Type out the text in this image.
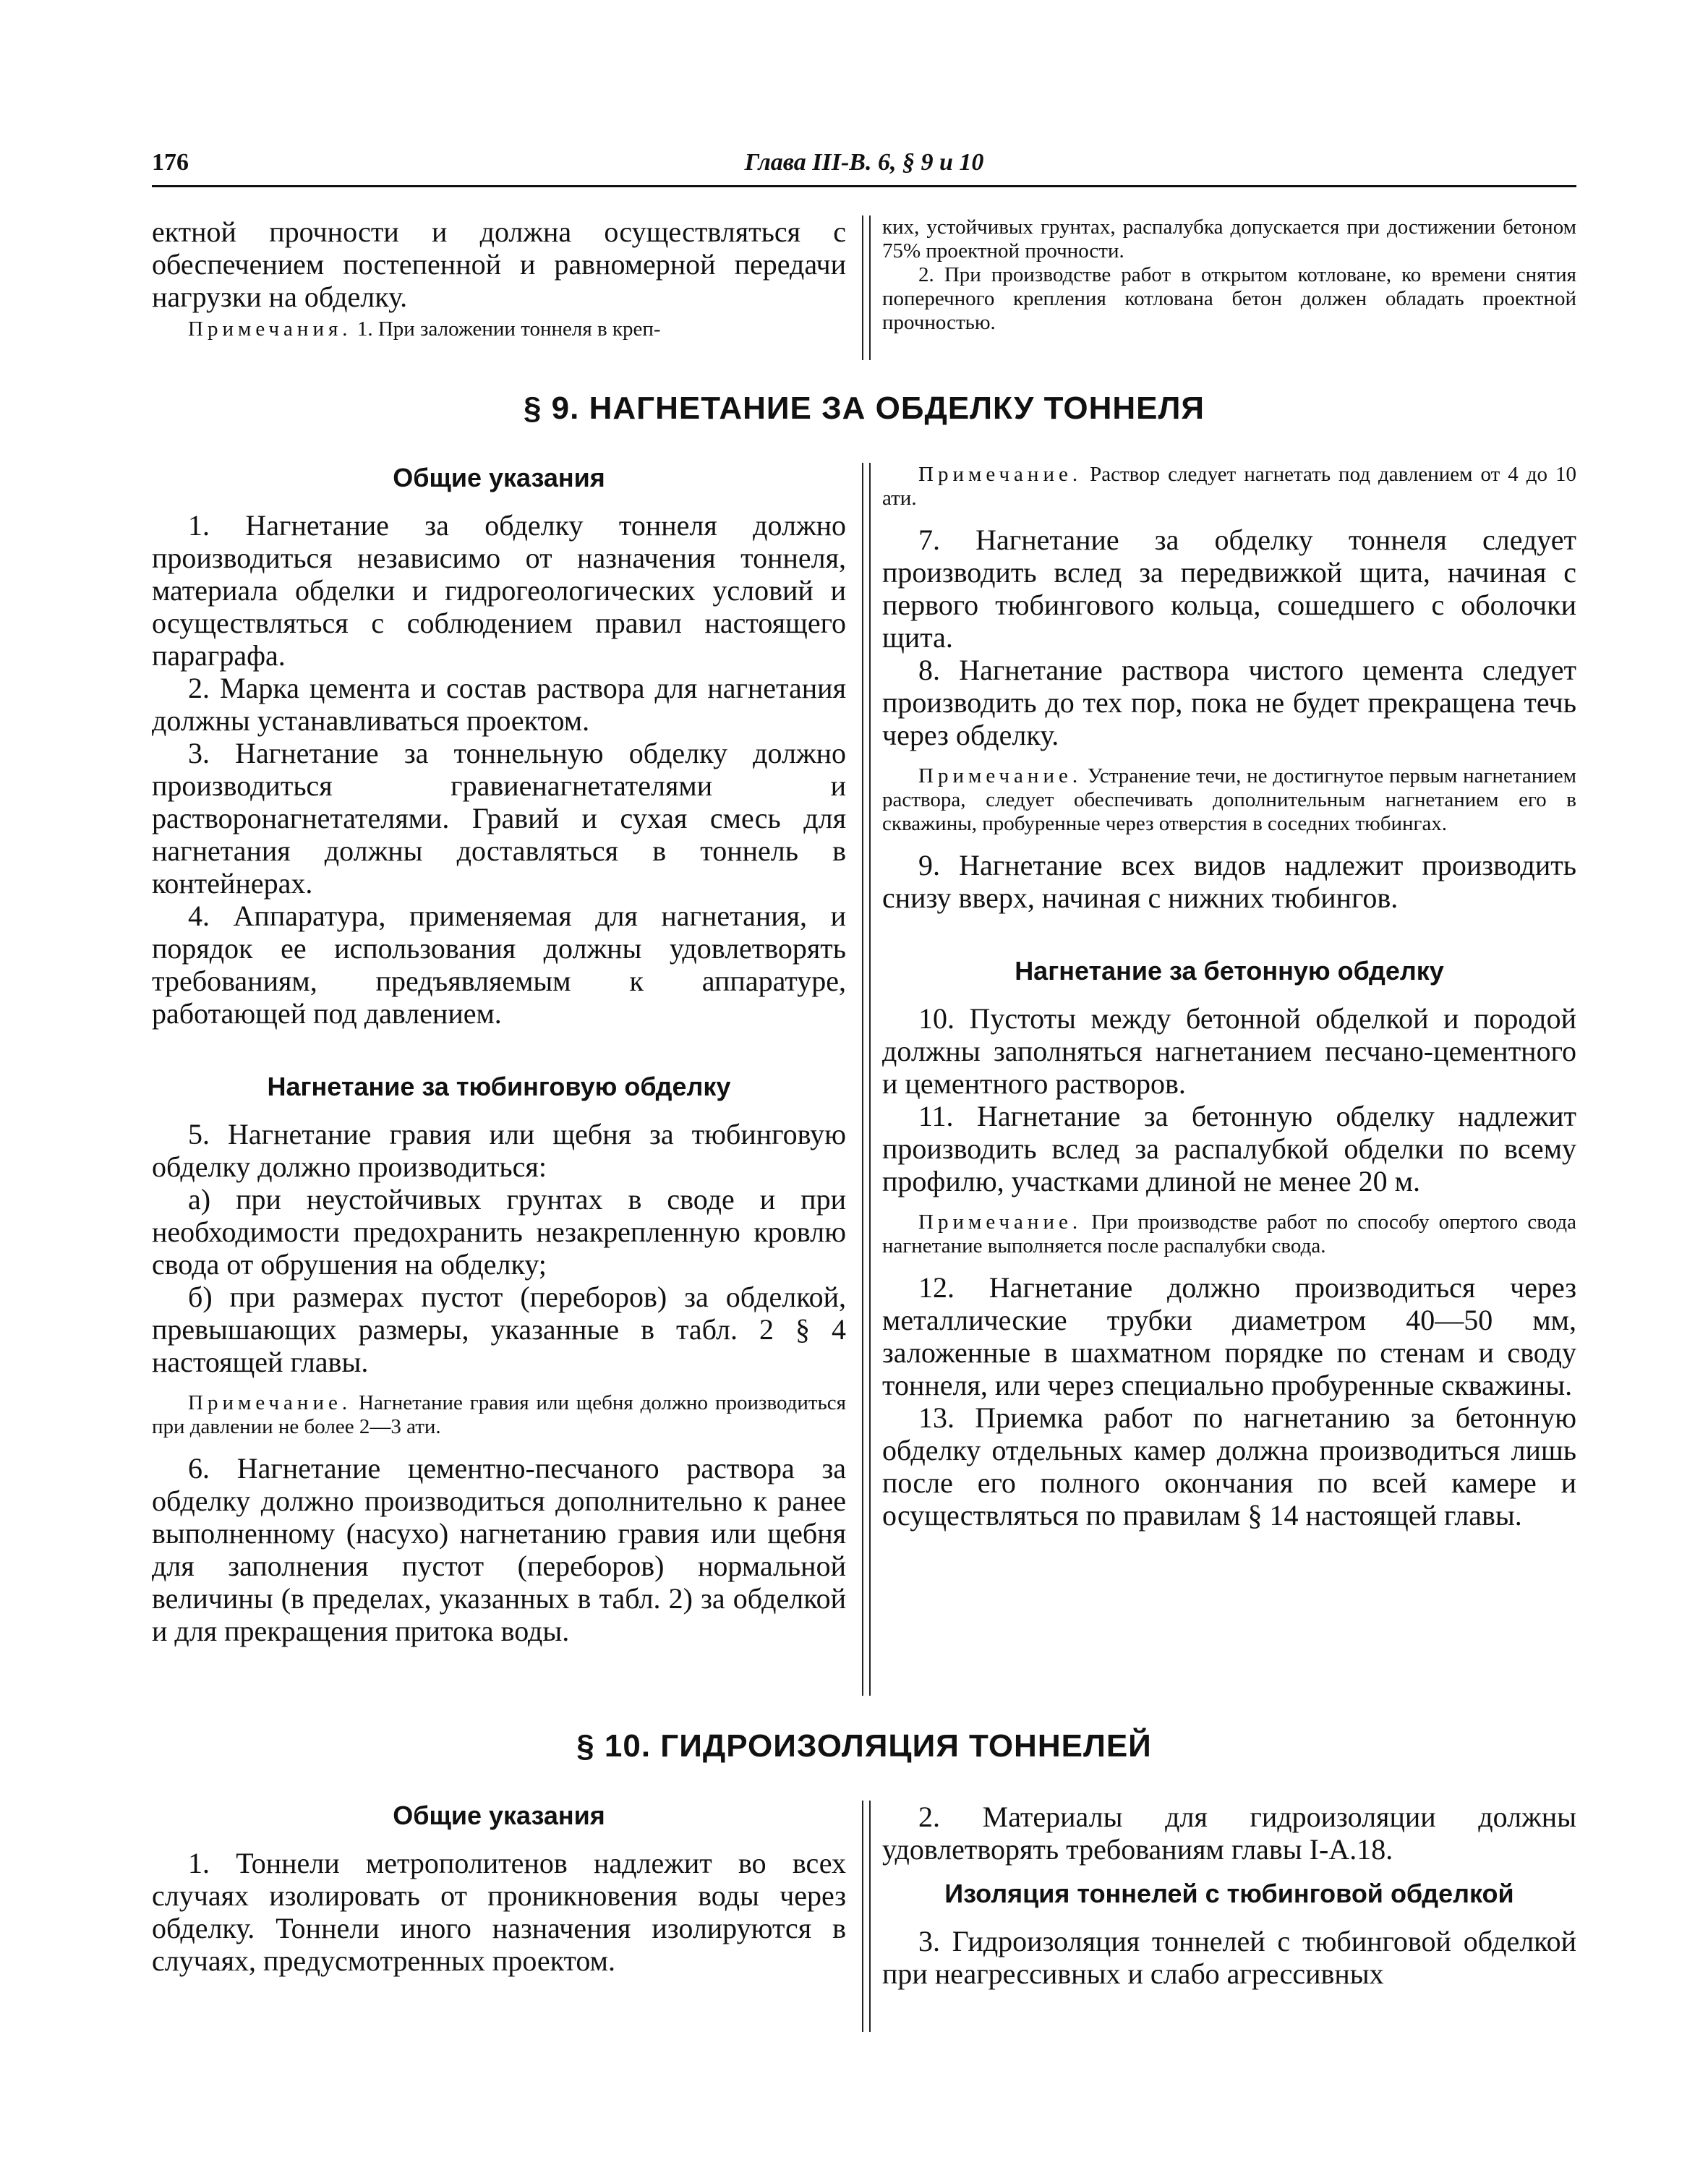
176	Глава III-В. 6, § 9 и 10

ектной прочности и должна осуществляться с обеспечением постепенной и равномерной передачи нагрузки на обделку.

Примечания. 1. При заложении тоннеля в креп-

ких, устойчивых грунтах, распалубка допускается при достижении бетоном 75% проектной прочности.

2. При производстве работ в открытом котловане, ко времени снятия поперечного крепления котлована бетон должен обладать проектной прочностью.

§ 9. НАГНЕТАНИЕ ЗА ОБДЕЛКУ ТОННЕЛЯ
Общие указания

1. Нагнетание за обделку тоннеля должно производиться независимо от назначения тоннеля, материала обделки и гидрогеологических условий и осуществляться с соблюдением правил настоящего параграфа.

2. Марка цемента и состав раствора для нагнетания должны устанавливаться проектом.

3. Нагнетание за тоннельную обделку должно производиться гравиенагнетателями и растворонагнетателями. Гравий и сухая смесь для нагнетания должны доставляться в тоннель в контейнерах.

4. Аппаратура, применяемая для нагнетания, и порядок ее использования должны удовлетворять требованиям, предъявляемым к аппаратуре, работающей под давлением.

Нагнетание за тюбинговую обделку

5. Нагнетание гравия или щебня за тюбинговую обделку должно производиться:

а) при неустойчивых грунтах в своде и при необходимости предохранить незакрепленную кровлю свода от обрушения на обделку;

б) при размерах пустот (переборов) за обделкой, превышающих размеры, указанные в табл. 2 § 4 настоящей главы.

Примечание. Нагнетание гравия или щебня должно производиться при давлении не более 2—3 ати.

6. Нагнетание цементно-песчаного раствора за обделку должно производиться дополнительно к ранее выполненному (насухо) нагнетанию гравия или щебня для заполнения пустот (переборов) нормальной величины (в пределах, указанных в табл. 2) за обделкой и для прекращения притока воды.

Примечание. Раствор следует нагнетать под давлением от 4 до 10 ати.

7. Нагнетание за обделку тоннеля следует производить вслед за передвижкой щита, начиная с первого тюбингового кольца, сошедшего с оболочки щита.

8. Нагнетание раствора чистого цемента следует производить до тех пор, пока не будет прекращена течь через обделку.

Примечание. Устранение течи, не достигнутое первым нагнетанием раствора, следует обеспечивать дополнительным нагнетанием его в скважины, пробуренные через отверстия в соседних тюбингах.

9. Нагнетание всех видов надлежит производить снизу вверх, начиная с нижних тюбингов.

Нагнетание за бетонную обделку

10. Пустоты между бетонной обделкой и породой должны заполняться нагнетанием песчано-цементного и цементного растворов.

11. Нагнетание за бетонную обделку надлежит производить вслед за распалубкой обделки по всему профилю, участками длиной не менее 20 м.

Примечание. При производстве работ по способу опертого свода нагнетание выполняется после распалубки свода.

12. Нагнетание должно производиться через металлические трубки диаметром 40—50 мм, заложенные в шахматном порядке по стенам и своду тоннеля, или через специально пробуренные скважины.

13. Приемка работ по нагнетанию за бетонную обделку отдельных камер должна производиться лишь после его полного окончания по всей камере и осуществляться по правилам § 14 настоящей главы.

§ 10. ГИДРОИЗОЛЯЦИЯ ТОННЕЛЕЙ
Общие указания

1. Тоннели метрополитенов надлежит во всех случаях изолировать от проникновения воды через обделку. Тоннели иного назначения изолируются в случаях, предусмотренных проектом.

2. Материалы для гидроизоляции должны удовлетворять требованиям главы I-А.18.

Изоляция тоннелей с тюбинговой обделкой

3. Гидроизоляция тоннелей с тюбинговой обделкой при неагрессивных и слабо агрессивных
